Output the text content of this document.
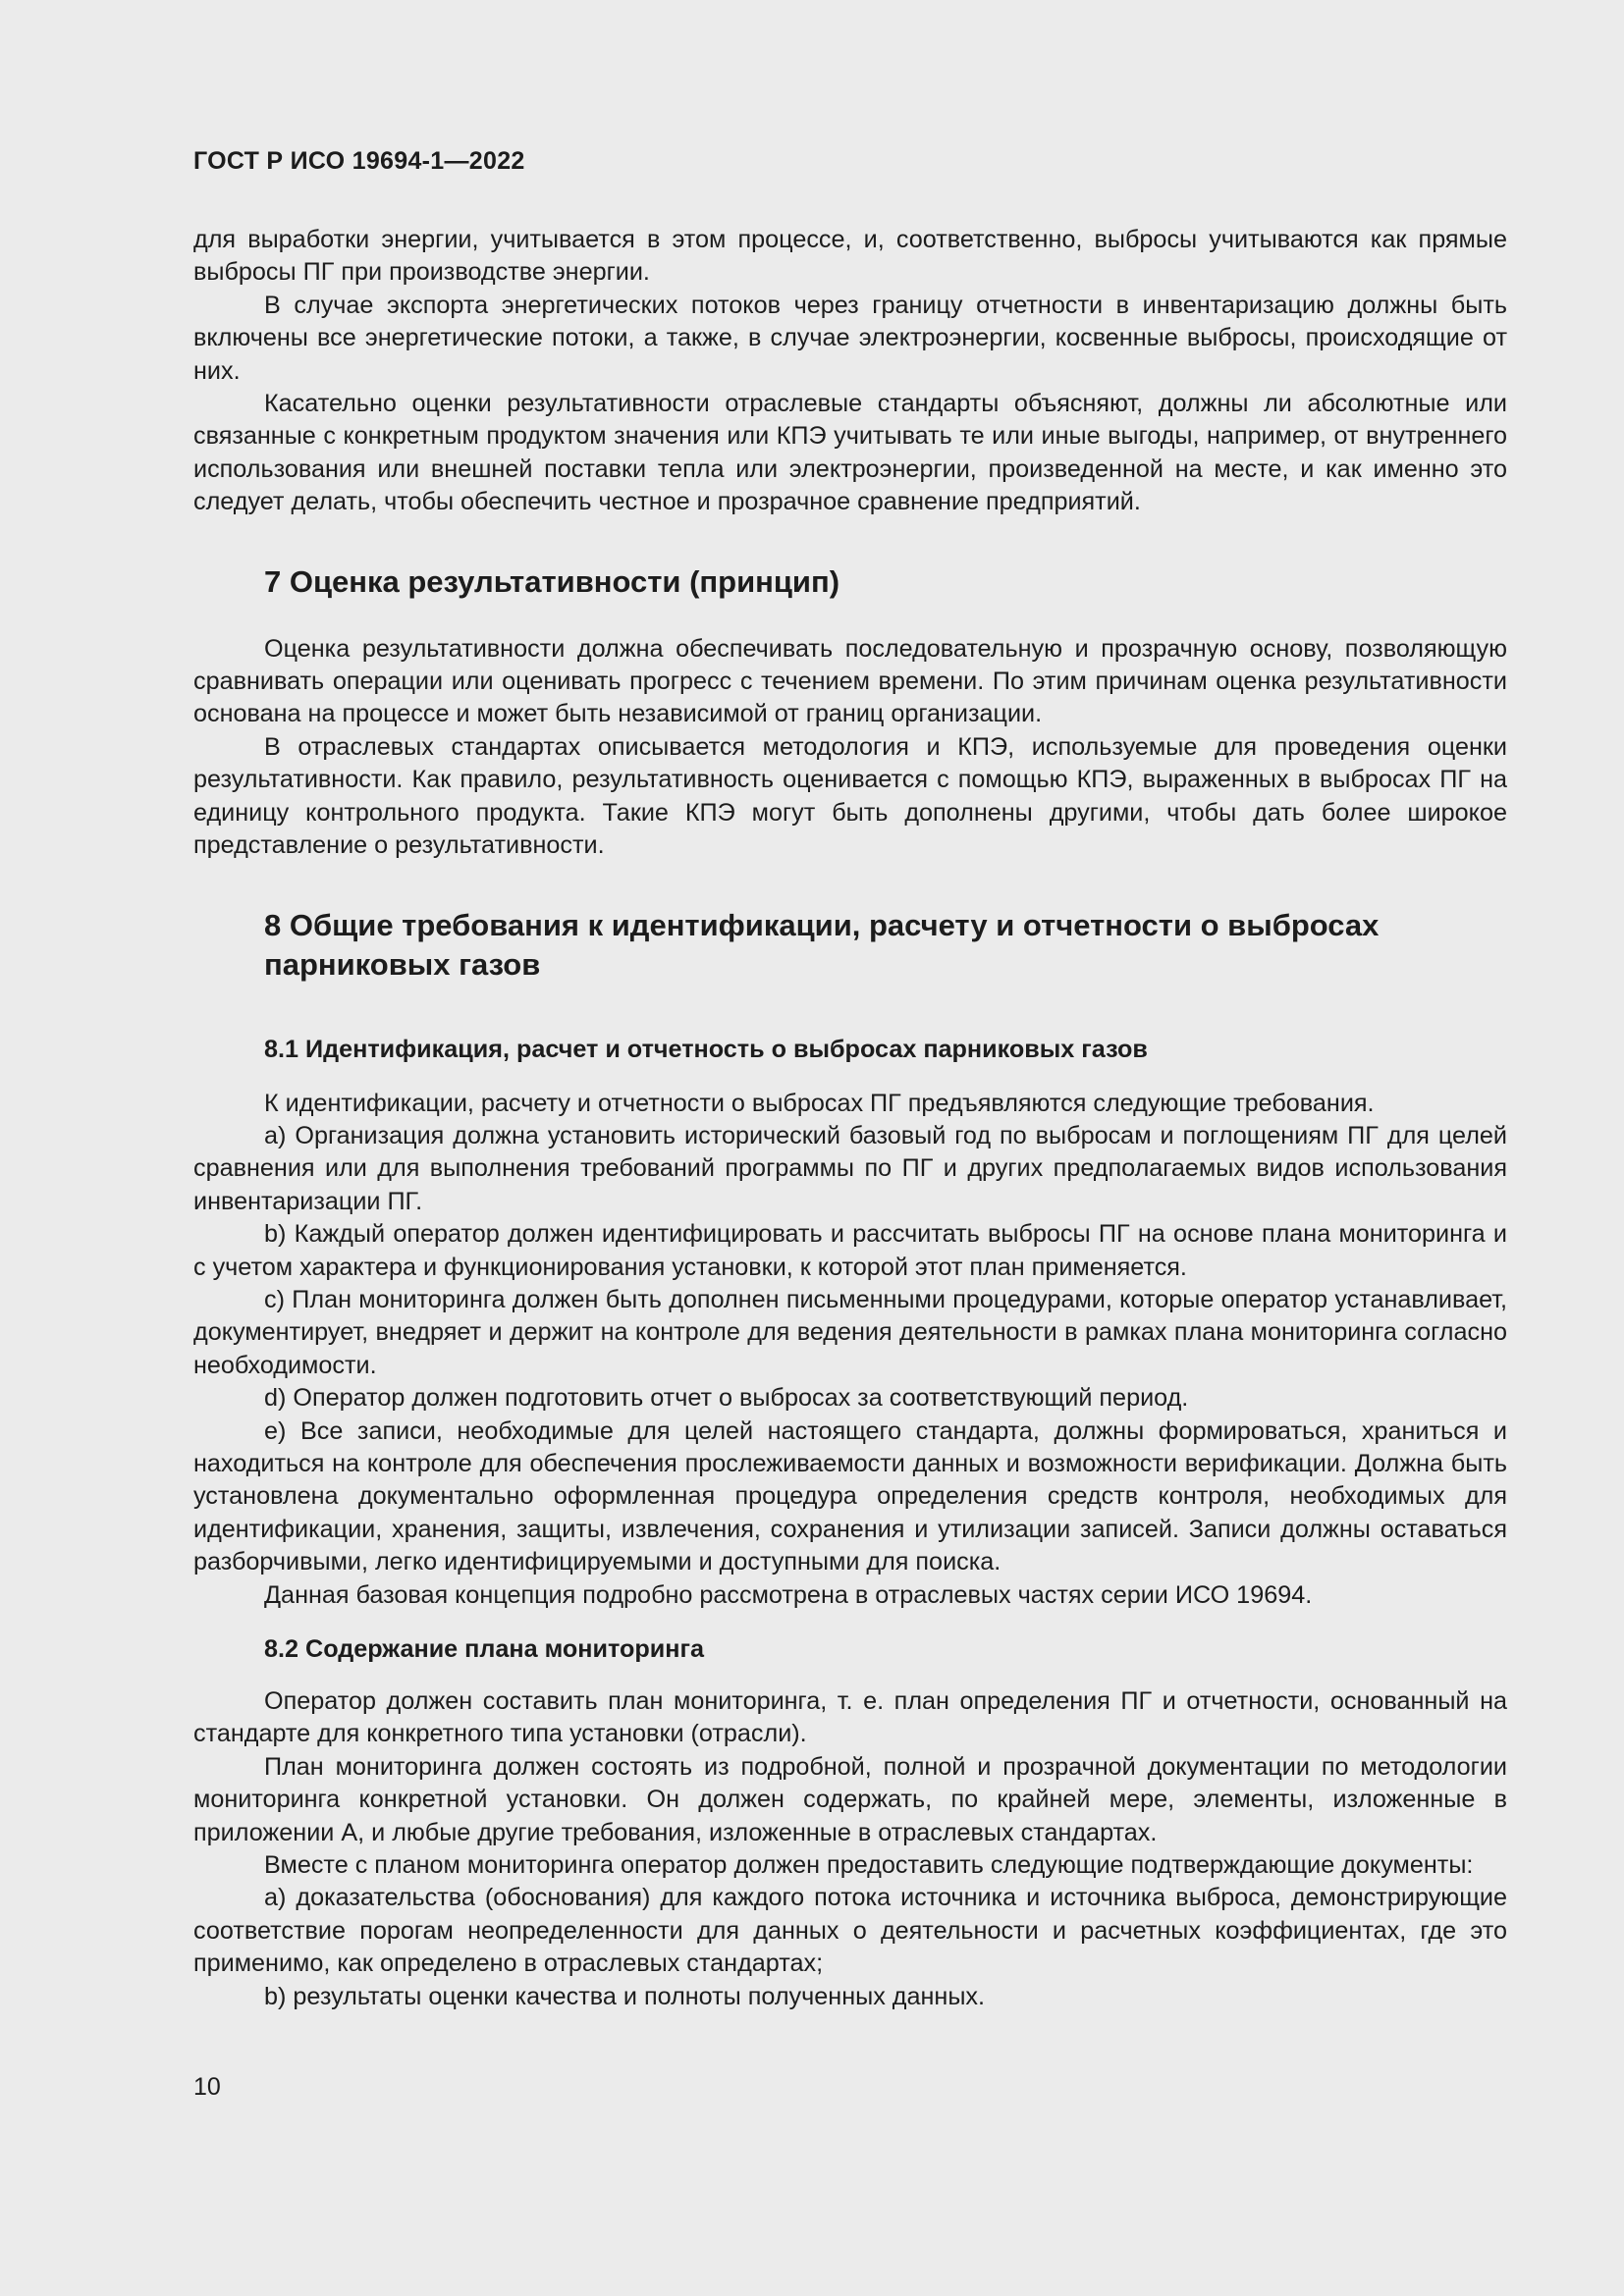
ГОСТ Р ИСО 19694-1—2022

для выработки энергии, учитывается в этом процессе, и, соответственно, выбросы учитываются как прямые выбросы ПГ при производстве энергии.

В случае экспорта энергетических потоков через границу отчетности в инвентаризацию должны быть включены все энергетические потоки, а также, в случае электроэнергии, косвенные выбросы, происходящие от них.

Касательно оценки результативности отраслевые стандарты объясняют, должны ли абсолютные или связанные с конкретным продуктом значения или КПЭ учитывать те или иные выгоды, например, от внутреннего использования или внешней поставки тепла или электроэнергии, произведенной на месте, и как именно это следует делать, чтобы обеспечить честное и прозрачное сравнение предприятий.

7 Оценка результативности (принцип)

Оценка результативности должна обеспечивать последовательную и прозрачную основу, позволяющую сравнивать операции или оценивать прогресс с течением времени. По этим причинам оценка результативности основана на процессе и может быть независимой от границ организации.

В отраслевых стандартах описывается методология и КПЭ, используемые для проведения оценки результативности. Как правило, результативность оценивается с помощью КПЭ, выраженных в выбросах ПГ на единицу контрольного продукта. Такие КПЭ могут быть дополнены другими, чтобы дать более широкое представление о результативности.

8 Общие требования к идентификации, расчету и отчетности о выбросах
парниковых газов
8.1 Идентификация, расчет и отчетность о выбросах парниковых газов

К идентификации, расчету и отчетности о выбросах ПГ предъявляются следующие требования.

a) Организация должна установить исторический базовый год по выбросам и поглощениям ПГ для целей сравнения или для выполнения требований программы по ПГ и других предполагаемых видов использования инвентаризации ПГ.

b) Каждый оператор должен идентифицировать и рассчитать выбросы ПГ на основе плана мониторинга и с учетом характера и функционирования установки, к которой этот план применяется.

c) План мониторинга должен быть дополнен письменными процедурами, которые оператор устанавливает, документирует, внедряет и держит на контроле для ведения деятельности в рамках плана мониторинга согласно необходимости.

d) Оператор должен подготовить отчет о выбросах за соответствующий период.

e) Все записи, необходимые для целей настоящего стандарта, должны формироваться, храниться и находиться на контроле для обеспечения прослеживаемости данных и возможности верификации. Должна быть установлена документально оформленная процедура определения средств контроля, необходимых для идентификации, хранения, защиты, извлечения, сохранения и утилизации записей. Записи должны оставаться разборчивыми, легко идентифицируемыми и доступными для поиска.

Данная базовая концепция подробно рассмотрена в отраслевых частях серии ИСО 19694.

8.2 Содержание плана мониторинга

Оператор должен составить план мониторинга, т. е. план определения ПГ и отчетности, основанный на стандарте для конкретного типа установки (отрасли).

План мониторинга должен состоять из подробной, полной и прозрачной документации по методологии мониторинга конкретной установки. Он должен содержать, по крайней мере, элементы, изложенные в приложении А, и любые другие требования, изложенные в отраслевых стандартах.

Вместе с планом мониторинга оператор должен предоставить следующие подтверждающие документы:

a) доказательства (обоснования) для каждого потока источника и источника выброса, демонстрирующие соответствие порогам неопределенности для данных о деятельности и расчетных коэффициентах, где это применимо, как определено в отраслевых стандартах;

b) результаты оценки качества и полноты полученных данных.

10
